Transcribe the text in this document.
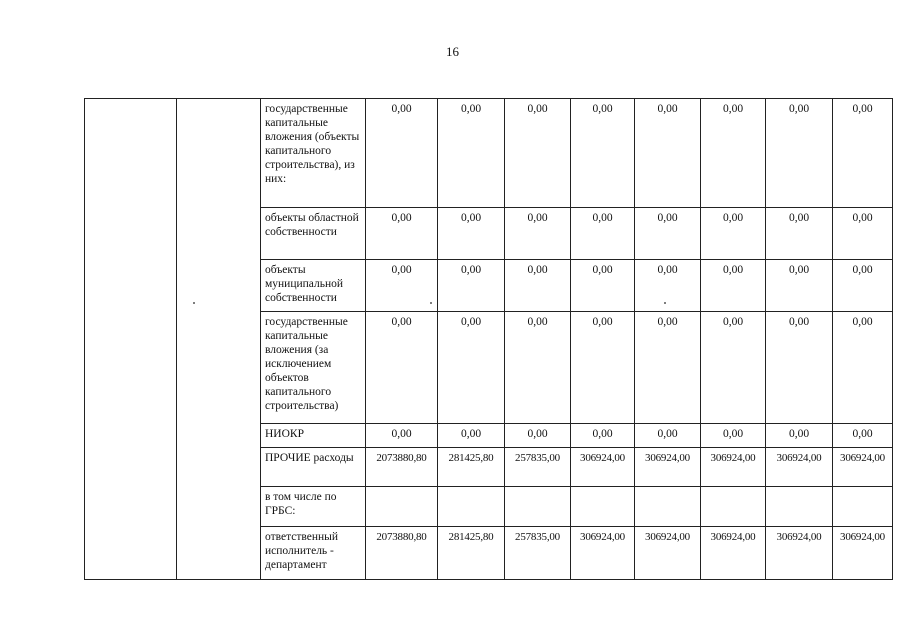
16
		государственные капитальные вложения (объекты капитального строительства), из них:	0,00	0,00	0,00	0,00	0,00	0,00	0,00	0,00
		объекты областной собственности	0,00	0,00	0,00	0,00	0,00	0,00	0,00	0,00
		объекты муниципальной собственности	0,00	0,00	0,00	0,00	0,00	0,00	0,00	0,00
		государственные капитальные вложения (за исключением объектов капитального строительства)	0,00	0,00	0,00	0,00	0,00	0,00	0,00	0,00
		НИОКР	0,00	0,00	0,00	0,00	0,00	0,00	0,00	0,00
		ПРОЧИЕ расходы	2073880,80	281425,80	257835,00	306924,00	306924,00	306924,00	306924,00	306924,00
		в том числе по ГРБС:								
		ответственный исполнитель - департамент	2073880,80	281425,80	257835,00	306924,00	306924,00	306924,00	306924,00	306924,00
